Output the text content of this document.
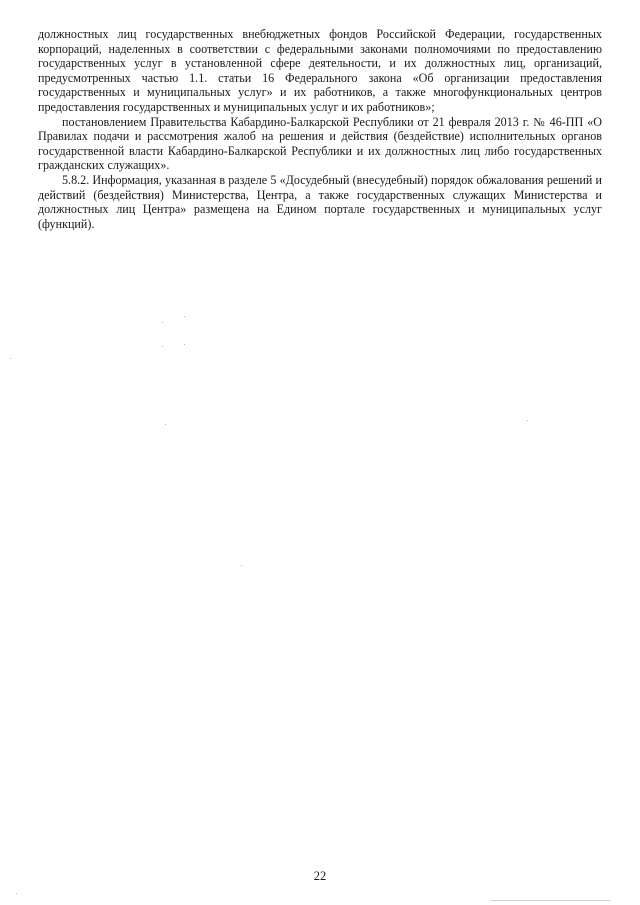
должностных лиц государственных внебюджетных фондов Российской Федерации, государственных корпораций, наделенных в соответствии с федеральными законами полномочиями по предоставлению государственных услуг в установленной сфере деятельности, и их должностных лиц, организаций, предусмотренных частью 1.1. статьи 16 Федерального закона «Об организации предоставления государственных и муниципальных услуг» и их работников, а также многофункциональных центров предоставления государственных и муниципальных услуг и их работников»;

постановлением Правительства Кабардино-Балкарской Республики от 21 февраля 2013 г. № 46-ПП «О Правилах подачи и рассмотрения жалоб на решения и действия (бездействие) исполнительных органов государственной власти Кабардино-Балкарской Республики и их должностных лиц либо государственных гражданских служащих».

5.8.2. Информация, указанная в разделе 5 «Досудебный (внесудебный) порядок обжалования решений и действий (бездействия) Министерства, Центра, а также государственных служащих Министерства и должностных лиц Центра» размещена на Едином портале государственных и муниципальных услуг (функций).

22
